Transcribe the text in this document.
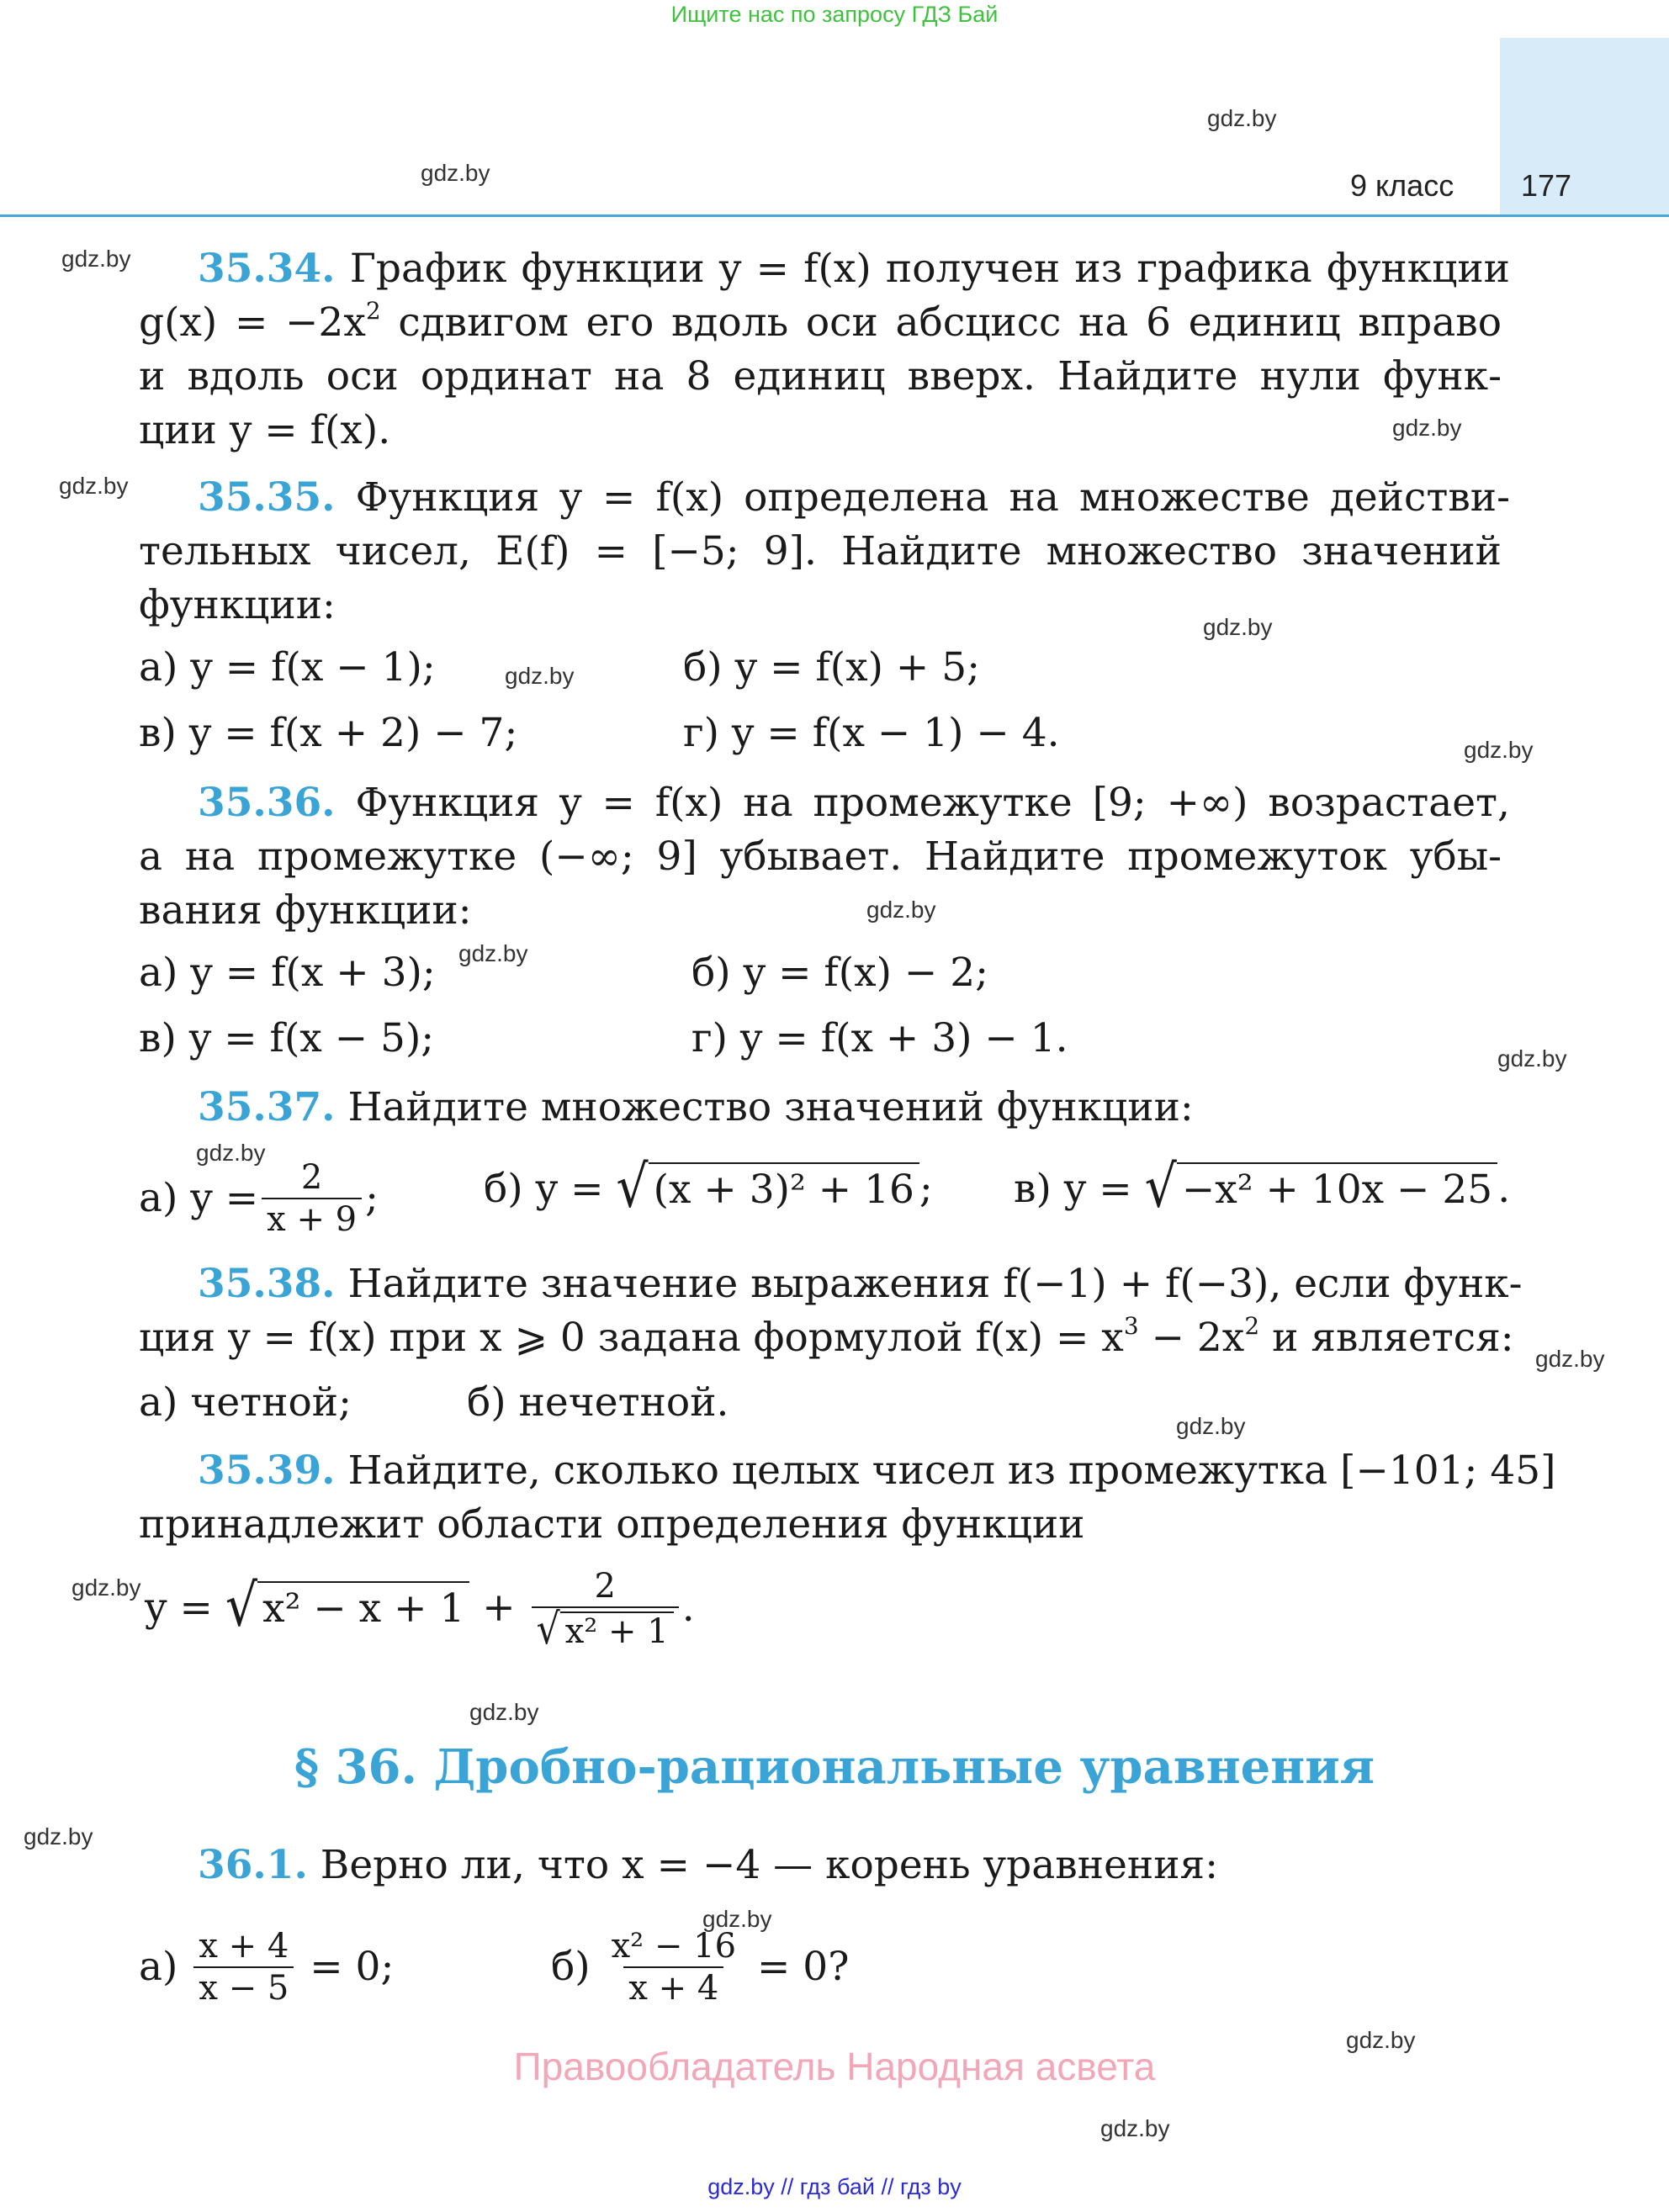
Ищите нас по запросу ГДЗ Бай
9 класс 177
gdz.by
gdz.by
gdz.by
gdz.by
gdz.by
gdz.by
gdz.by
gdz.by
gdz.by
gdz.by
gdz.by
gdz.by
gdz.by
gdz.by
gdz.by
gdz.by
gdz.by
gdz.by
gdz.by
gdz.by
35.34. График функции y = f(x) получен из графика функции
$g(x) = -2x^2$ сдвигом его вдоль оси абсцисс на 6 единиц вправо
и вдоль оси ординат на 8 единиц вверх. Найдите нули функ-
ции y = f(x).
35.35. Функция y = f(x) определена на множестве действи-
тельных чисел, E(f) = [−5; 9]. Найдите множество значений
функции:
а) y = f(x − 1);	б) y = f(x) + 5;
в) y = f(x + 2) − 7;	г) y = f(x − 1) − 4.
35.36. Функция y = f(x) на промежутке [9; +∞) возрастает,
а на промежутке (−∞; 9] убывает. Найдите промежуток убы-
вания функции:
а) y = f(x + 3);	б) y = f(x) − 2;
в) y = f(x − 5);	г) y = f(x + 3) − 1.
35.37. Найдите множество значений функции:
а) $y = \frac{2}{x + 9}$ ;	б) y =
√ (x + 3)² + 16 ; в) y =
√ −x² + 10x − 25 .
35.38. Найдите значение выражения f(−1) + f(−3), если функ-
ция y = f(x) при x ⩾ 0 задана формулой $f(x) = x^3 - 2x^2$ и является:
а) четной;	б) нечетной.
35.39. Найдите, сколько целых чисел из промежутка [−101; 45]
принадлежит области определения функции
y =
√ x² − x + 1
+
$\frac{2}{\text{√ x² + 1}}$ .
§ 36. Дробно-рациональные уравнения
36.1. Верно ли, что x = −4 — корень уравнения:
а)
$\frac{x + 4}{x - 5}$
= 0;	б)
$\frac{\text{x² − 16}}{x + 4}$
= 0?
Правообладатель Народная асвета
gdz.by // гдз бай // гдз by
